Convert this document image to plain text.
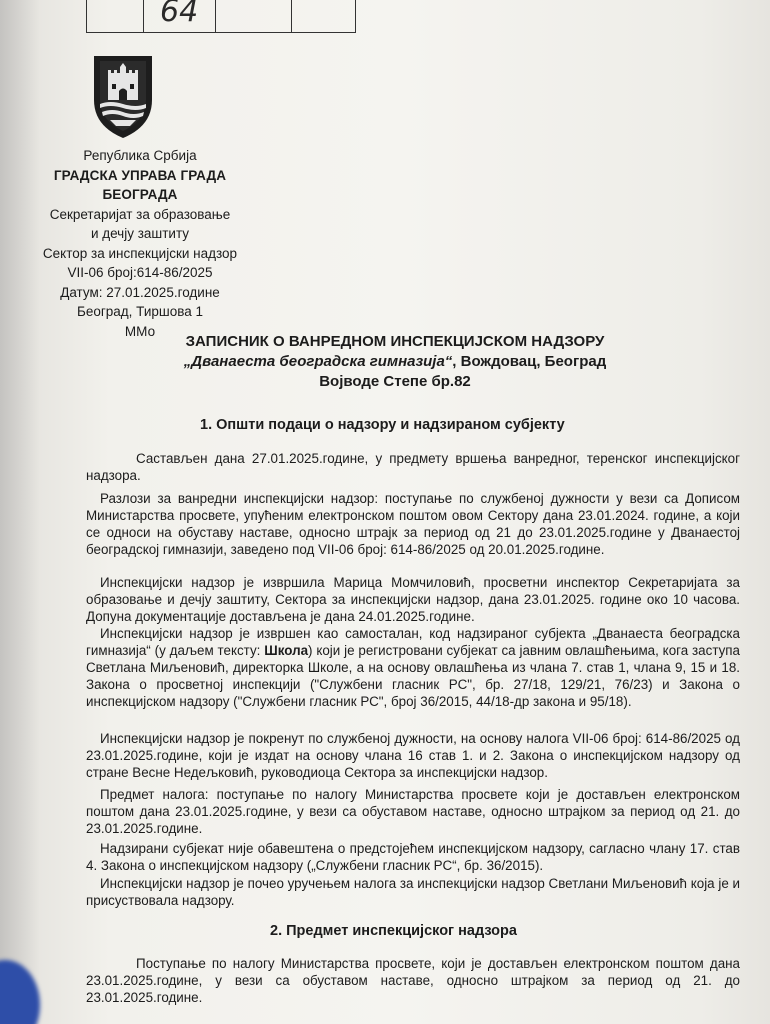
64
Република Србија
ГРАДСКА УПРАВА ГРАДА БЕОГРАДА
Секретаријат за образовање
и дечју заштиту
Сектор за инспекцијски надзор
VII-06 број:614-86/2025
Датум: 27.01.2025.године
Београд, Тиршова 1
ММо
ЗАПИСНИК О ВАНРЕДНОМ ИНСПЕКЦИЈСКОМ НАДЗОРУ
„Дванаеста београдска гимназија“, Вождовац, Београд
Војводе Степе бр.82
1. Општи подаци о надзору и надзираном субјекту

Састављен дана 27.01.2025.године, у предмету вршења ванредног, теренског инспекцијског надзора.

Разлози за ванредни инспекцијски надзор: поступање по службеној дужности у вези са Дописом Министарства просвете, упућеним електронском поштом овом Сектору дана 23.01.2024. године, а који се односи на обуставу наставе, односно штрајк за период од 21 до 23.01.2025.године у Дванаестој београдској гимназији, заведено под VII-06 број: 614-86/2025 од 20.01.2025.године.

Инспекцијски надзор је извршила Марица Момчиловић, просветни инспектор Секретаријата за образовање и дечју заштиту, Сектора за инспекцијски надзор, дана 23.01.2025. године око 10 часова. Допуна документације достављена је дана 24.01.2025.године.

Инспекцијски надзор је извршен као самосталан, код надзираног субјекта „Дванаеста београдска гимназија“ (у даљем тексту: Школа) који је регистровани субјекат са јавним овлашћењима, кога заступа Светлана Миљеновић, директорка Школе, а на основу овлашћења из члана 7. став 1, члана 9, 15 и 18. Закона о просветној инспекцији ("Службени гласник РС", бр. 27/18, 129/21, 76/23) и Закона о инспекцијском надзору ("Службени гласник РС", број 36/2015, 44/18-др закона и 95/18).

Инспекцијски надзор је покренут по службеној дужности, на основу налога VII-06 број: 614-86/2025 од 23.01.2025.године, који је издат на основу члана 16 став 1. и 2. Закона о инспекцијском надзору од стране Весне Недељковић, руководиоца Сектора за инспекцијски надзор.

Предмет налога: поступање по налогу Министарства просвете који је достављен електронском поштом дана 23.01.2025.године, у вези са обуставом наставе, односно штрајком за период од 21. до 23.01.2025.године.

Надзирани субјекат није обавештена о предстојећем инспекцијском надзору, сагласно члану 17. став 4. Закона о инспекцијском надзору („Службени гласник РС“, бр. 36/2015).

Инспекцијски надзор је почео уручењем налога за инспекцијски надзор Светлани Миљеновић која је и присуствовала надзору.

2. Предмет инспекцијског надзора

Поступање по налогу Министарства просвете, који је достављен електронском поштом дана 23.01.2025.године, у вези са обуставом наставе, односно штрајком за период од 21. до 23.01.2025.године.
